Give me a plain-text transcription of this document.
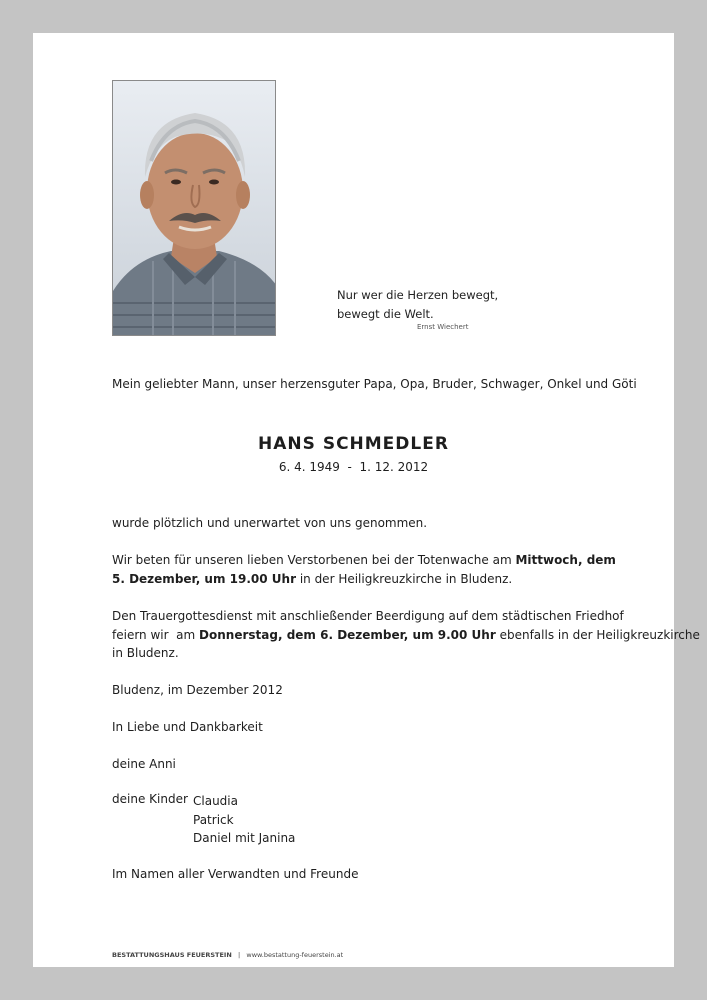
Nur wer die Herzen bewegt,
bewegt die Welt.
Ernst Wiechert
Mein geliebter Mann, unser herzensguter Papa, Opa, Bruder, Schwager, Onkel und Göti
HANS SCHMEDLER
6. 4. 1949  -  1. 12. 2012
wurde plötzlich und unerwartet von uns genommen.
Wir beten für unseren lieben Verstorbenen bei der Totenwache am Mittwoch, dem
5. Dezember, um 19.00 Uhr in der Heiligkreuzkirche in Bludenz.
Den Trauergottesdienst mit anschließender Beerdigung auf dem städtischen Friedhof
feiern wir  am Donnerstag, dem 6. Dezember, um 9.00 Uhr ebenfalls in der Heiligkreuzkirche
in Bludenz.
Bludenz, im Dezember 2012
In Liebe und Dankbarkeit
deine Anni
deine Kinder Claudia
Patrick
Daniel mit Janina
Im Namen aller Verwandten und Freunde
BESTATTUNGSHAUS FEUERSTEIN | www.bestattung-feuerstein.at
